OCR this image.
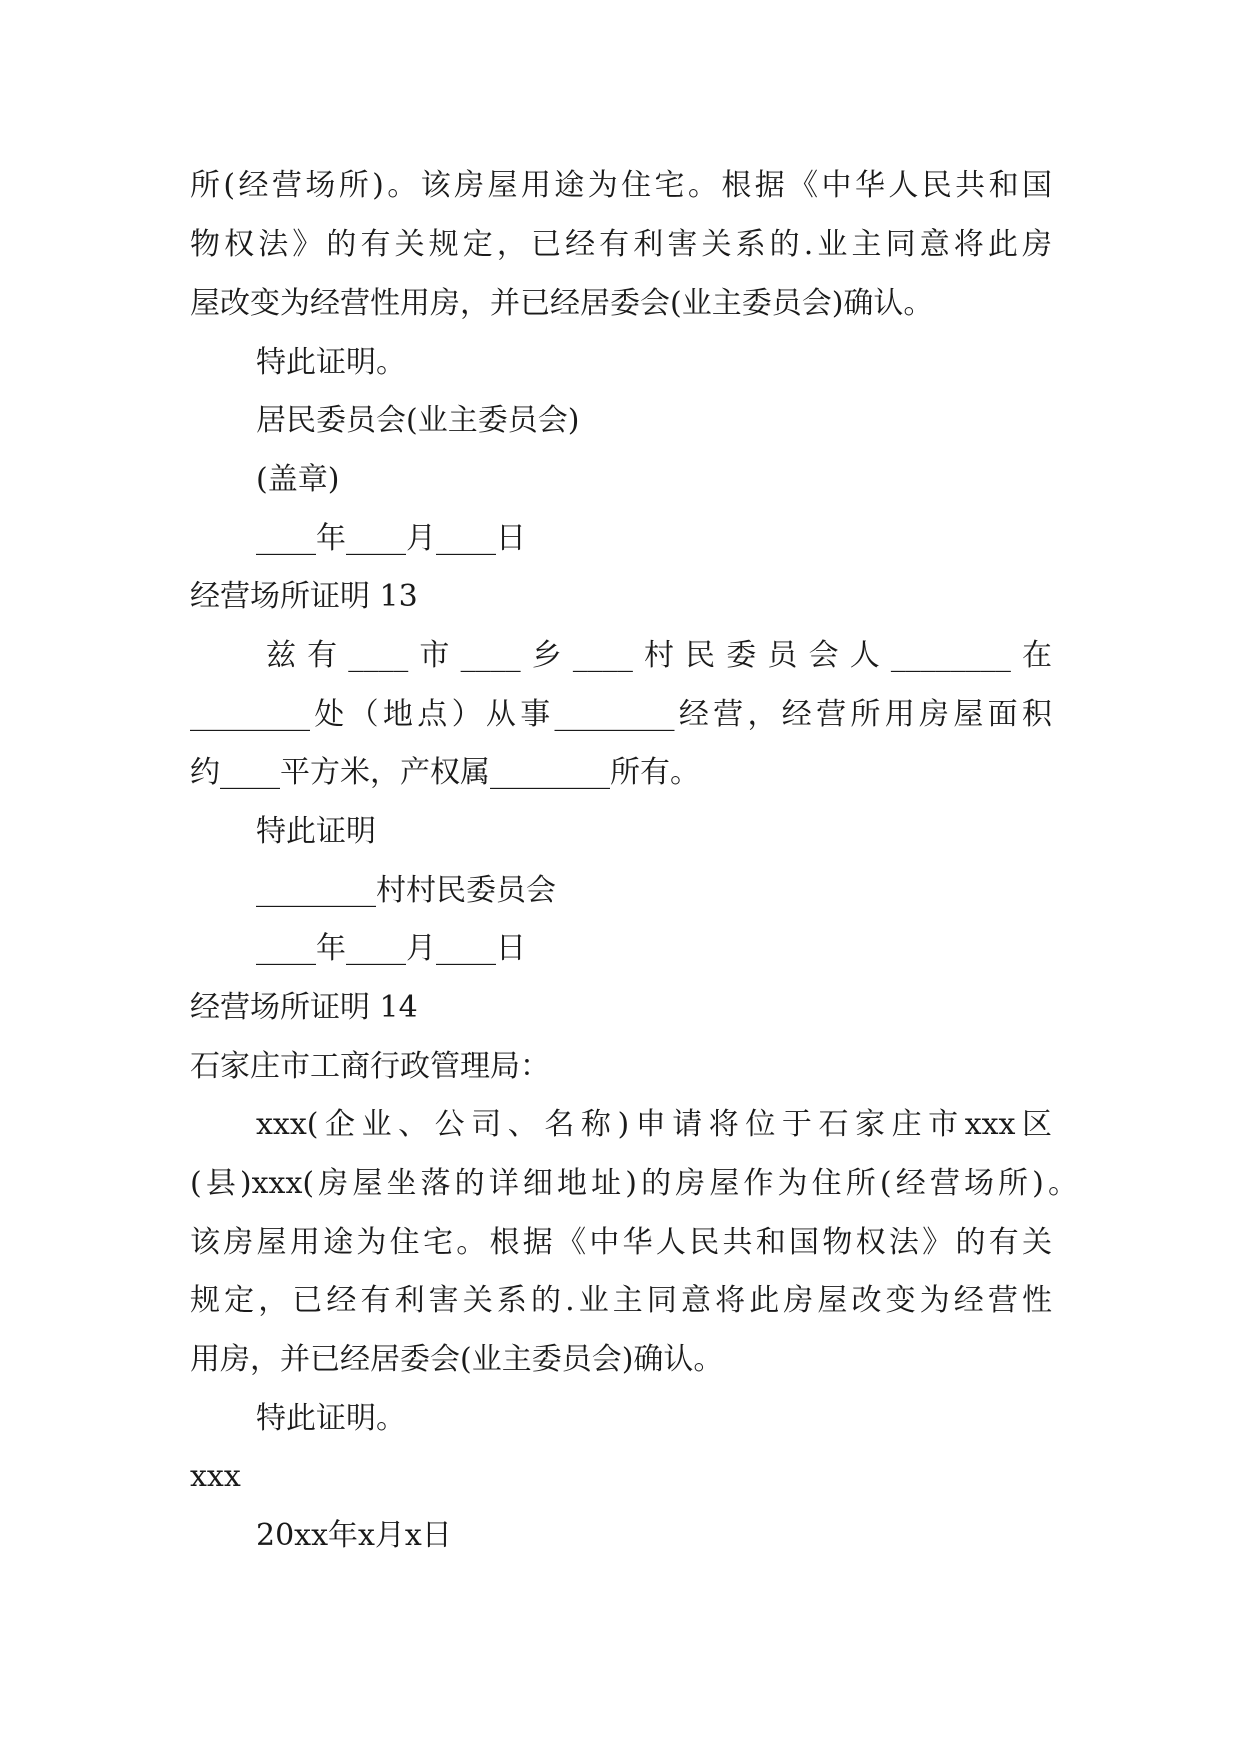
所(经营场所)。该房屋用途为住宅。根据《中华人民共和国
物权法》的有关规定，已经有利害关系的.业主同意将此房
屋改变为经营性用房，并已经居委会(业主委员会)确认。
特此证明。
居民委员会(业主委员会)
(盖章)
____年____月____日
经营场所证明 13
兹有____市____乡____村民委员会人________在
________处（地点）从事________经营，经营所用房屋面积
约____平方米，产权属________所有。
特此证明
________村村民委员会
____年____月____日
经营场所证明 14
石家庄市工商行政管理局：
xxx(企业、公司、名称)申请将位于石家庄市xxx区
(县)xxx(房屋坐落的详细地址)的房屋作为住所(经营场所)。
该房屋用途为住宅。根据《中华人民共和国物权法》的有关
规定，已经有利害关系的.业主同意将此房屋改变为经营性
用房，并已经居委会(业主委员会)确认。
特此证明。
xxx
20xx年x月x日
